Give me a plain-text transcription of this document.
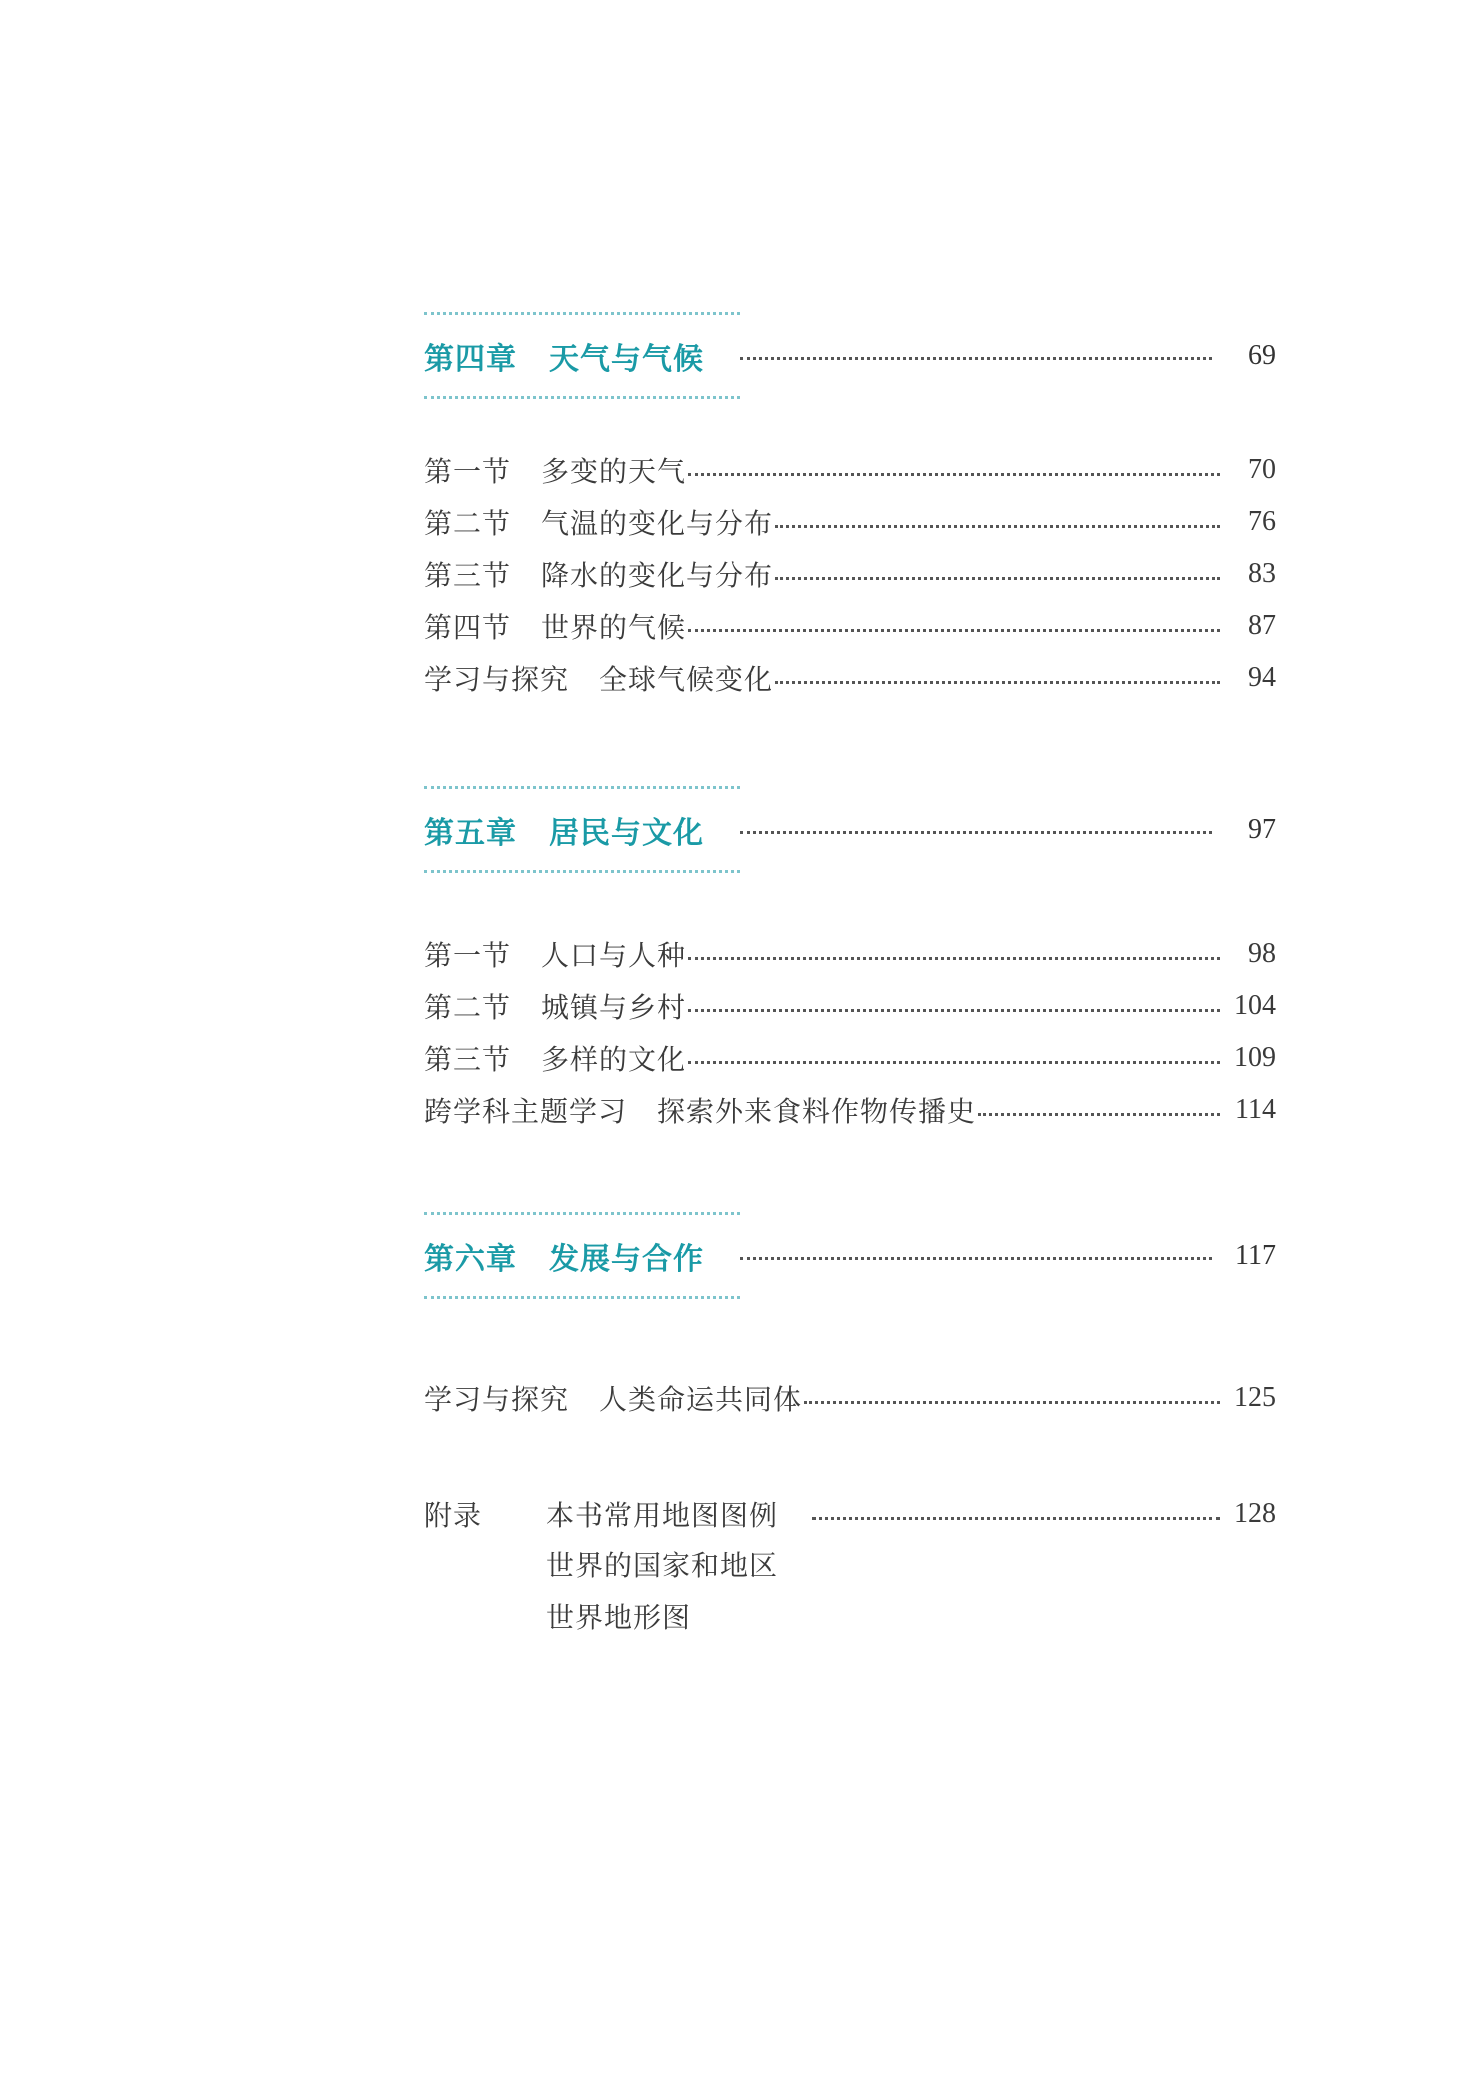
第四章 天气与气候	69
第一节 多变的天气	70
第二节 气温的变化与分布	76
第三节 降水的变化与分布	83
第四节 世界的气候	87
学习与探究 全球气候变化	94
第五章 居民与文化	97
第一节 人口与人种	98
第二节 城镇与乡村	104
第三节 多样的文化	109
跨学科主题学习 探索外来食料作物传播史	114
第六章 发展与合作	117
学习与探究 人类命运共同体	125
附录	本书常用地图图例	128
世界的国家和地区
世界地形图
